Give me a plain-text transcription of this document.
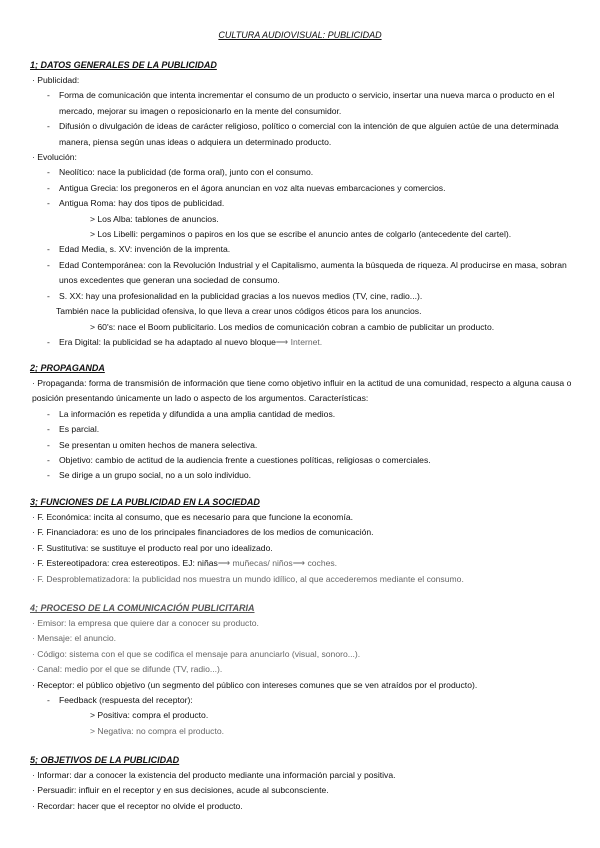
CULTURA AUDIOVISUAL: PUBLICIDAD
1; DATOS GENERALES DE LA PUBLICIDAD
· Publicidad:
-	Forma de comunicación que intenta incrementar el consumo de un producto o servicio, insertar una nueva marca o producto en el mercado, mejorar su imagen o reposicionarlo en la mente del consumidor.
-	Difusión o divulgación de ideas de carácter religioso, político o comercial con la intención de que alguien actúe de una determinada manera, piensa según unas ideas o adquiera un determinado producto.
· Evolución:
-	Neolítico: nace la publicidad (de forma oral), junto con el consumo.
-	Antigua Grecia: los pregoneros en el ágora anuncian en voz alta nuevas embarcaciones y comercios.
-	Antigua Roma: hay dos tipos de publicidad.
> Los Alba: tablones de anuncios.
> Los Libelli: pergaminos o papiros en los que se escribe el anuncio antes de colgarlo (antecedente del cartel).
-	Edad Media, s. XV: invención de la imprenta.
-	Edad Contemporánea: con la Revolución Industrial y el Capitalismo, aumenta la búsqueda de riqueza. Al producirse en masa, sobran unos excedentes que generan una sociedad de consumo.
-	S. XX: hay una profesionalidad en la publicidad gracias a los nuevos medios (TV, cine, radio...).
También nace la publicidad ofensiva, lo que lleva a crear unos códigos éticos para los anuncios.
> 60's: nace el Boom publicitario. Los medios de comunicación cobran a cambio de publicitar un producto.
-	Era Digital: la publicidad se ha adaptado al nuevo bloque⟶ Internet.
2; PROPAGANDA
· Propaganda: forma de transmisión de información que tiene como objetivo influir en la actitud de una comunidad, respecto a alguna causa o posición presentando únicamente un lado o aspecto de los argumentos. Características:
-	La información es repetida y difundida a una amplia cantidad de medios.
-	Es parcial.
-	Se presentan u omiten hechos de manera selectiva.
-	Objetivo: cambio de actitud de la audiencia frente a cuestiones políticas, religiosas o comerciales.
-	Se dirige a un grupo social, no a un solo individuo.
3; FUNCIONES DE LA PUBLICIDAD EN LA SOCIEDAD
· F. Económica: incita al consumo, que es necesario para que funcione la economía.
· F. Financiadora: es uno de los principales financiadores de los medios de comunicación.
· F. Sustitutiva: se sustituye el producto real por uno idealizado.
· F. Estereotipadora: crea estereotipos. EJ: niñas⟶ muñecas/ niños⟶ coches.
· F. Desproblematizadora: la publicidad nos muestra un mundo idílico, al que accederemos mediante el consumo.
4; PROCESO DE LA COMUNICACIÓN PUBLICITARIA
· Emisor: la empresa que quiere dar a conocer su producto.
· Mensaje: el anuncio.
· Código: sistema con el que se codifica el mensaje para anunciarlo (visual, sonoro...).
· Canal: medio por el que se difunde (TV, radio...).
· Receptor: el público objetivo (un segmento del público con intereses comunes que se ven atraídos por el producto).
-	Feedback (respuesta del receptor):
> Positiva: compra el producto.
> Negativa: no compra el producto.
5; OBJETIVOS DE LA PUBLICIDAD
· Informar: dar a conocer la existencia del producto mediante una información parcial y positiva.
· Persuadir: influir en el receptor y en sus decisiones, acude al subconsciente.
· Recordar: hacer que el receptor no olvide el producto.
